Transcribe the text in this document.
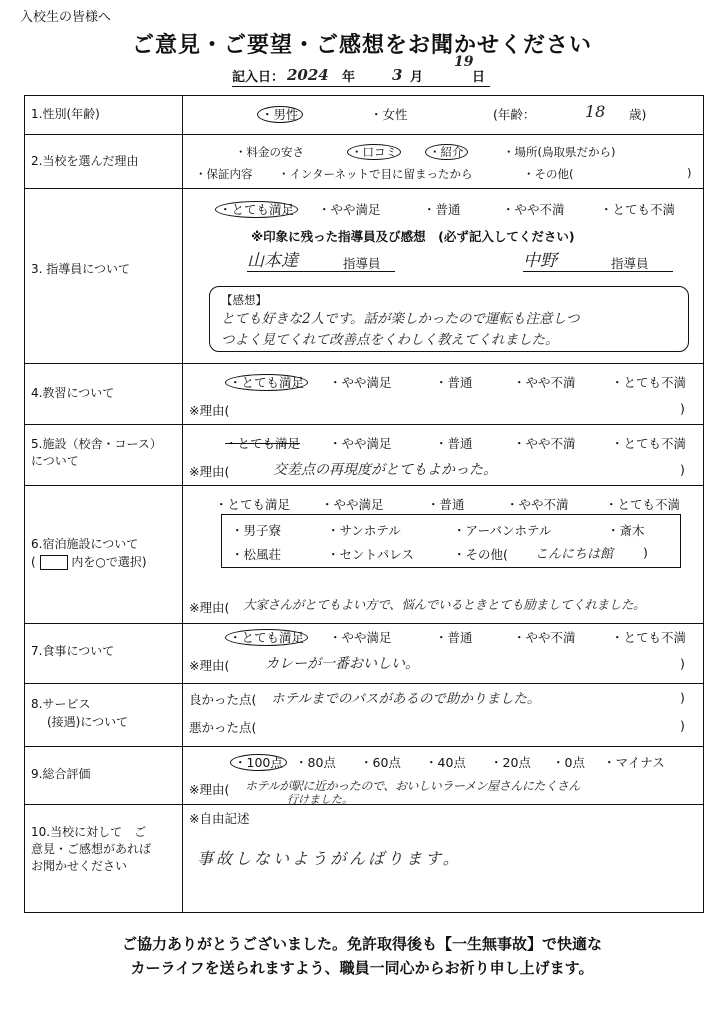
入校生の皆様へ
ご意見・ご要望・ご感想をお聞かせください
記入日： 2024 年 3 月
19
日
1.性別(年齢)	・男性	・女性	(年齢：	18 歳)
2.当校を選んだ理由
・料金の安さ	・口コミ	・紹介	・場所(鳥取県だから)
・保証内容 ・インターネットで目に留まったから	・その他(	)
3. 指導員について
・とても満足 ・やや満足	・普通	・やや不満	・とても不満
※印象に残った指導員及び感想　(必ず記入してください)
山本達	指導員	中野	指導員
【感想】
とても好きな2人です。話が楽しかったので運転も注意しつ
つよく見てくれて改善点をくわしく教えてくれました。
4.教習について
・とても満足 ・やや満足	・普通	・やや不満	・とても不満
※理由(	)
5.施設（校舎・コース）について
・とても満足 ・やや満足	・普通	・やや不満	・とても不満
※理由(	交差点の再現度がとてもよかった。	)
6.宿泊施設について
(	内を○で選択)
・とても満足 ・やや満足	・普通	・やや不満	・とても不満
・男子寮	・サンホテル	・アーバンホテル	・斎木
・松風荘	・セントパレス	・その他( こんにちは館 )
※理由( 大家さんがとてもよい方で、悩んでいるときとても励ましてくれました。
7.食事について
・とても満足 ・やや満足	・普通	・やや不満	・とても不満
※理由(	カレーが一番おいしい。	)
8.サービス
(接遇)について
良かった点( ホテルまでのバスがあるので助かりました。	)
悪かった点(	)
9.総合評価
・100点 ・80点 ・60点 ・40点 ・20点 ・0点 ・マイナス
※理由( ホテルが駅に近かったので、おいしいラーメン屋さんにたくさん
行けました。
10.当校に対して　ご意見・ご感想があればお聞かせください
※自由記述
事故しないようがんばります。
ご協力ありがとうございました。免許取得後も【一生無事故】で快適な
カーライフを送られますよう、職員一同心からお祈り申し上げます。
